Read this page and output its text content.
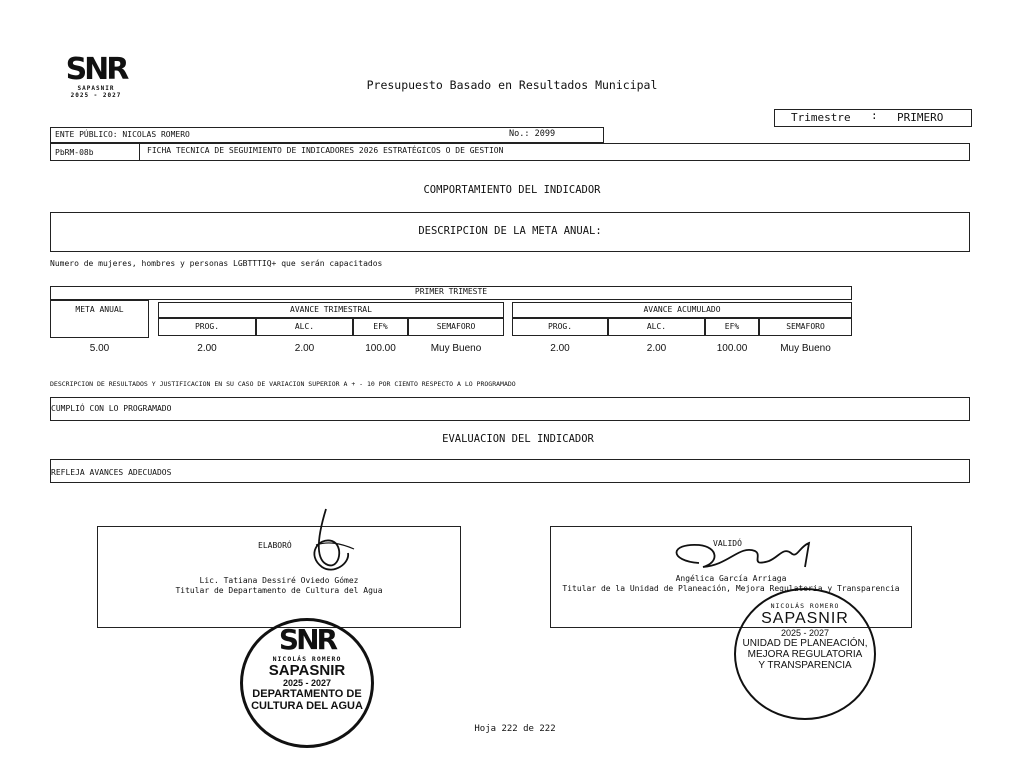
SNR
SAPASNIR
2025 - 2027
Presupuesto Basado en Resultados Municipal
Trimestre : PRIMERO
ENTE PÚBLICO: NICOLAS ROMERO	No.: 2099
PbRM-08b	FICHA TECNICA DE SEGUIMIENTO DE INDICADORES 2026 ESTRATÉGICOS O DE GESTION
COMPORTAMIENTO DEL INDICADOR
DESCRIPCION DE LA META ANUAL:
Numero de mujeres, hombres y personas LGBTTTIQ+ que serán capacitados
PRIMER TRIMESTE
META ANUAL	AVANCE TRIMESTRAL
PROG.	ALC.	EF%	SEMAFORO
AVANCE ACUMULADO
PROG.	ALC.	EF%	SEMAFORO
5.00	2.00	2.00	100.00	Muy Bueno	2.00	2.00	100.00	Muy Bueno
DESCRIPCION DE RESULTADOS Y JUSTIFICACION EN SU CASO DE VARIACION SUPERIOR A + - 10 POR CIENTO RESPECTO A LO PROGRAMADO
CUMPLIÓ CON LO PROGRAMADO
EVALUACION DEL INDICADOR
REFLEJA AVANCES ADECUADOS
ELABORÓ
Lic. Tatiana Dessiré Oviedo Gómez
Titular de Departamento de Cultura del Agua
VALIDÓ
Angélica García Arriaga
Titular de la Unidad de Planeación, Mejora Regulatoria y Transparencia
SNR
NICOLÁS ROMERO
SAPASNIR
2025 - 2027
DEPARTAMENTO DE
CULTURA DEL AGUA
NICOLÁS ROMERO
SAPASNIR
2025 - 2027
UNIDAD DE PLANEACIÓN,
MEJORA REGULATORIA
Y TRANSPARENCIA
Hoja 222 de 222
